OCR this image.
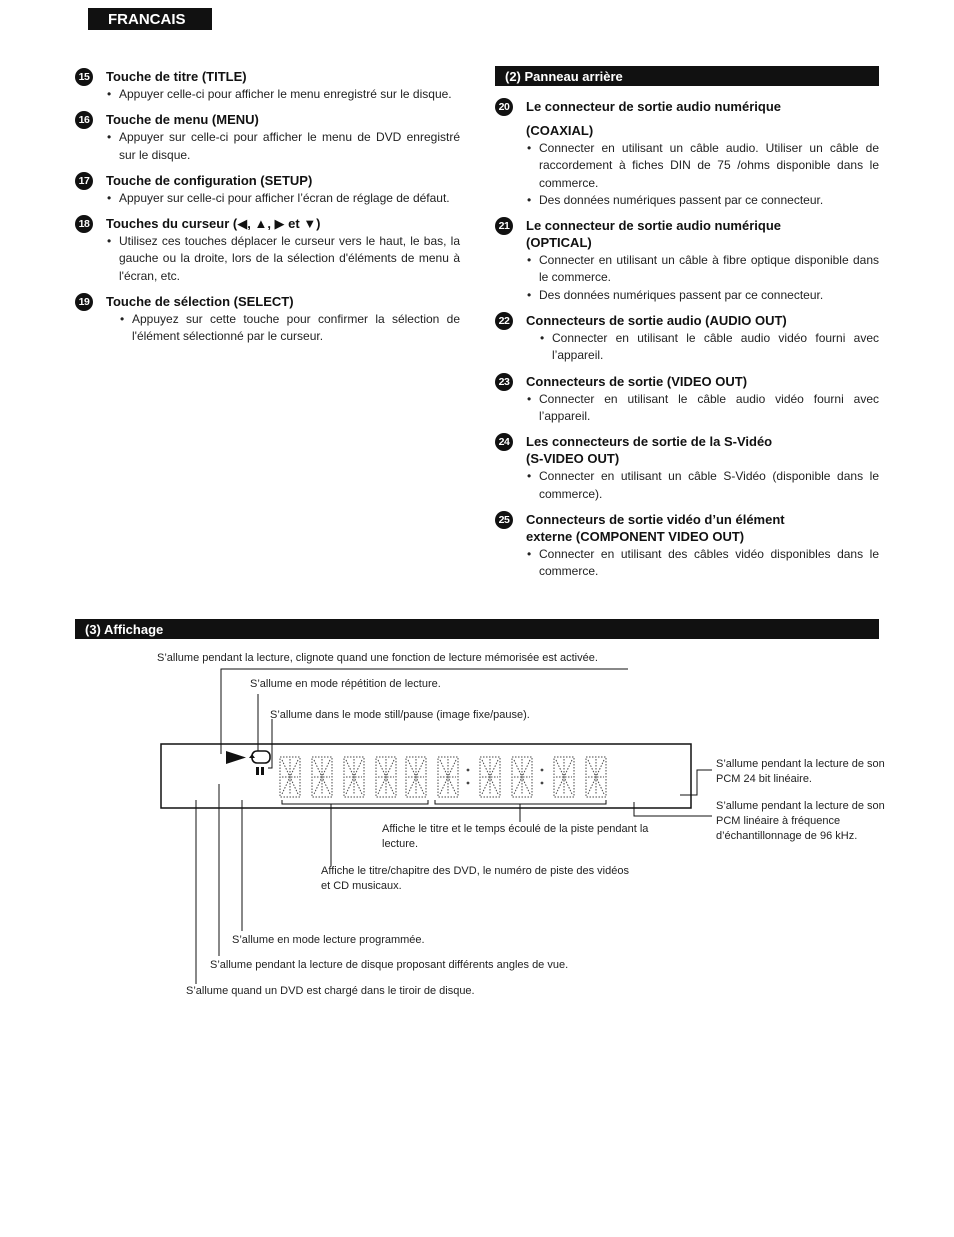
FRANCAIS
15 Touche de titre (TITLE)
• Appuyer celle-ci pour afficher le menu enregistré sur le disque.
16 Touche de menu (MENU)
• Appuyer sur celle-ci pour afficher le menu de DVD enregistré sur le disque.
17 Touche de configuration (SETUP)
• Appuyer sur celle-ci pour afficher l’écran de réglage de défaut.
18 Touches du curseur (◀, ▲, ▶ et ▼)
• Utilisez ces touches déplacer le curseur vers le haut, le bas, la gauche ou la droite, lors de la sélection d'éléments de menu à l'écran, etc.
19 Touche de sélection (SELECT)
• Appuyez sur cette touche pour confirmer la sélection de l'élément sélectionné par le curseur.
(2) Panneau arrière
20 Le connecteur de sortie audio numérique
(COAXIAL)
• Connecter en utilisant un câble audio. Utiliser un câble de raccordement à fiches DIN de 75 /ohms disponible dans le commerce.
• Des données numériques passent par ce connecteur.
21 Le connecteur de sortie audio numérique
(OPTICAL)
• Connecter en utilisant un câble à fibre optique disponible dans le commerce.
• Des données numériques passent par ce connecteur.
22 Connecteurs de sortie audio (AUDIO OUT)
• Connecter en utilisant le câble audio vidéo fourni avec l’appareil.
23 Connecteurs de sortie (VIDEO OUT)
• Connecter en utilisant le câble audio vidéo fourni avec l’appareil.
24 Les connecteurs de sortie de la S-Vidéo
(S-VIDEO OUT)
• Connecter en utilisant un câble S-Vidéo (disponible dans le commerce).
25 Connecteurs de sortie vidéo d’un élément
externe (COMPONENT VIDEO OUT)
• Connecter en utilisant des câbles vidéo disponibles dans le commerce.
(3) Affichage
S’allume pendant la lecture, clignote quand une fonction de lecture mémorisée est activée.
S’allume en mode répétition de lecture.
S’allume dans le mode still/pause (image fixe/pause).
S’allume pendant la lecture de son PCM 24 bit linéaire.
S’allume pendant la lecture de son PCM linéaire à fréquence d’échantillonnage de 96 kHz.
Affiche le titre et le temps écoulé de la piste pendant la lecture.
Affiche le titre/chapitre des DVD, le numéro de piste des vidéos et CD musicaux.
S’allume en mode lecture programmée.
S’allume pendant la lecture de disque proposant différents angles de vue.
S’allume quand un DVD est chargé dans le tiroir de disque.
